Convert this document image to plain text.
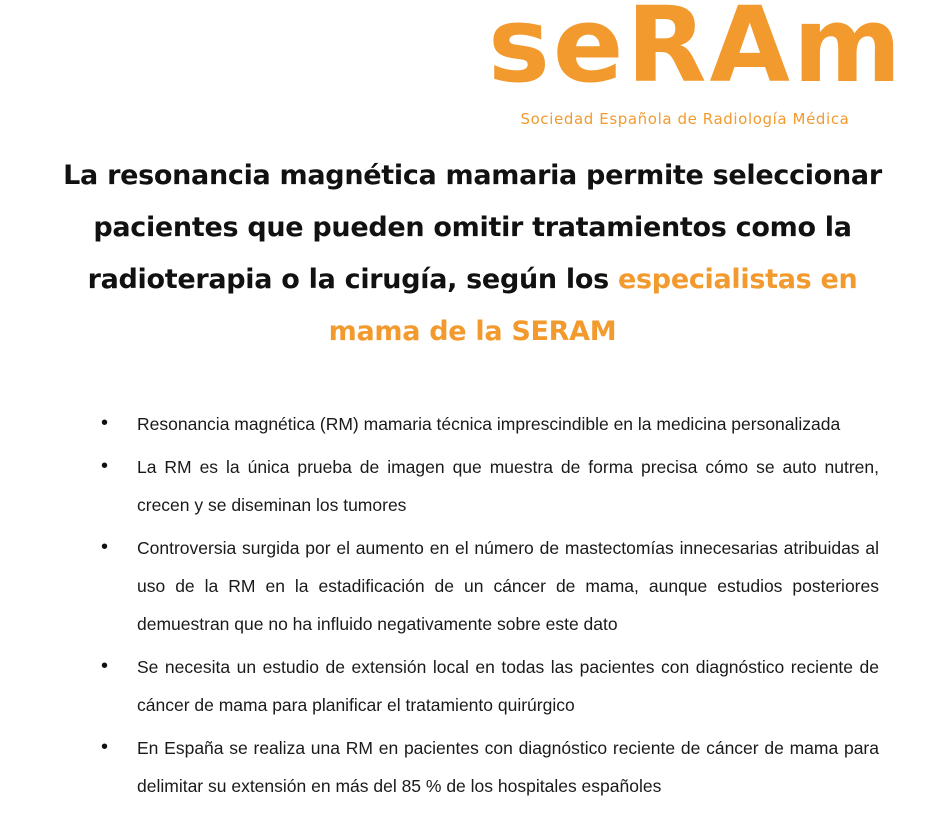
seRAm
Sociedad Española de Radiología Médica
La resonancia magnética mamaria permite seleccionar pacientes que pueden omitir tratamientos como la radioterapia o la cirugía, según los especialistas en mama de la SERAM
• Resonancia magnética (RM) mamaria técnica imprescindible en la medicina personalizada
• La RM es la única prueba de imagen que muestra de forma precisa cómo se auto nutren, crecen y se diseminan los tumores
• Controversia surgida por el aumento en el número de mastectomías innecesarias atribuidas al uso de la RM en la estadificación de un cáncer de mama, aunque estudios posteriores demuestran que no ha influido negativamente sobre este dato
• Se necesita un estudio de extensión local en todas las pacientes con diagnóstico reciente de cáncer de mama para planificar el tratamiento quirúrgico
• En España se realiza una RM en pacientes con diagnóstico reciente de cáncer de mama para delimitar su extensión en más del 85 % de los hospitales españoles
